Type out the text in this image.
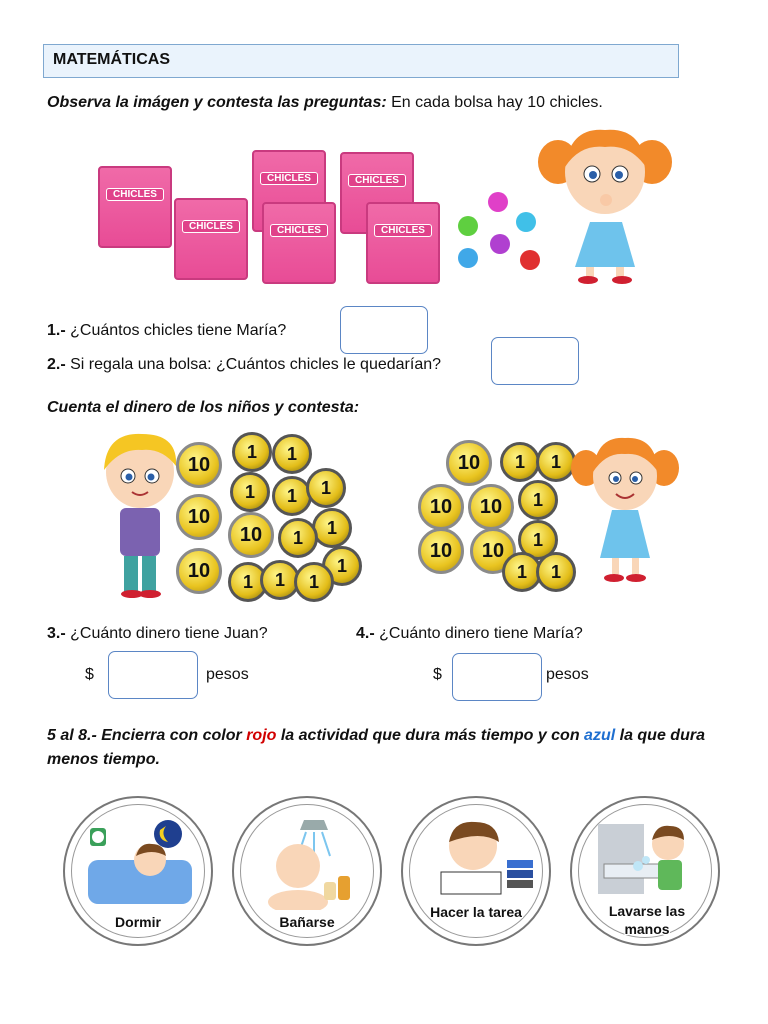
MATEMÁTICAS
Observa la imágen y contesta las preguntas: En cada bolsa hay 10 chicles.
CHICLES
CHICLES
CHICLES
CHICLES
CHICLES
CHICLES
1.- ¿Cuántos chicles tiene María?
2.- Si regala una bolsa: ¿Cuántos chicles le quedarían?
Cuenta el dinero de los niños y contesta:
10
10
10
10
1	1
1	1	1
1
1
1
1	1	1
10
10	10
10	10
1	1
1
1
1	1
3.- ¿Cuánto dinero tiene Juan?	4.- ¿Cuánto dinero tiene María?
$	pesos	$	pesos
5 al 8.- Encierra con color rojo la actividad que dura más tiempo y con azul la que dura menos tiempo.
Dormir	Bañarse
Hacer la tarea	Lavarse las manos
